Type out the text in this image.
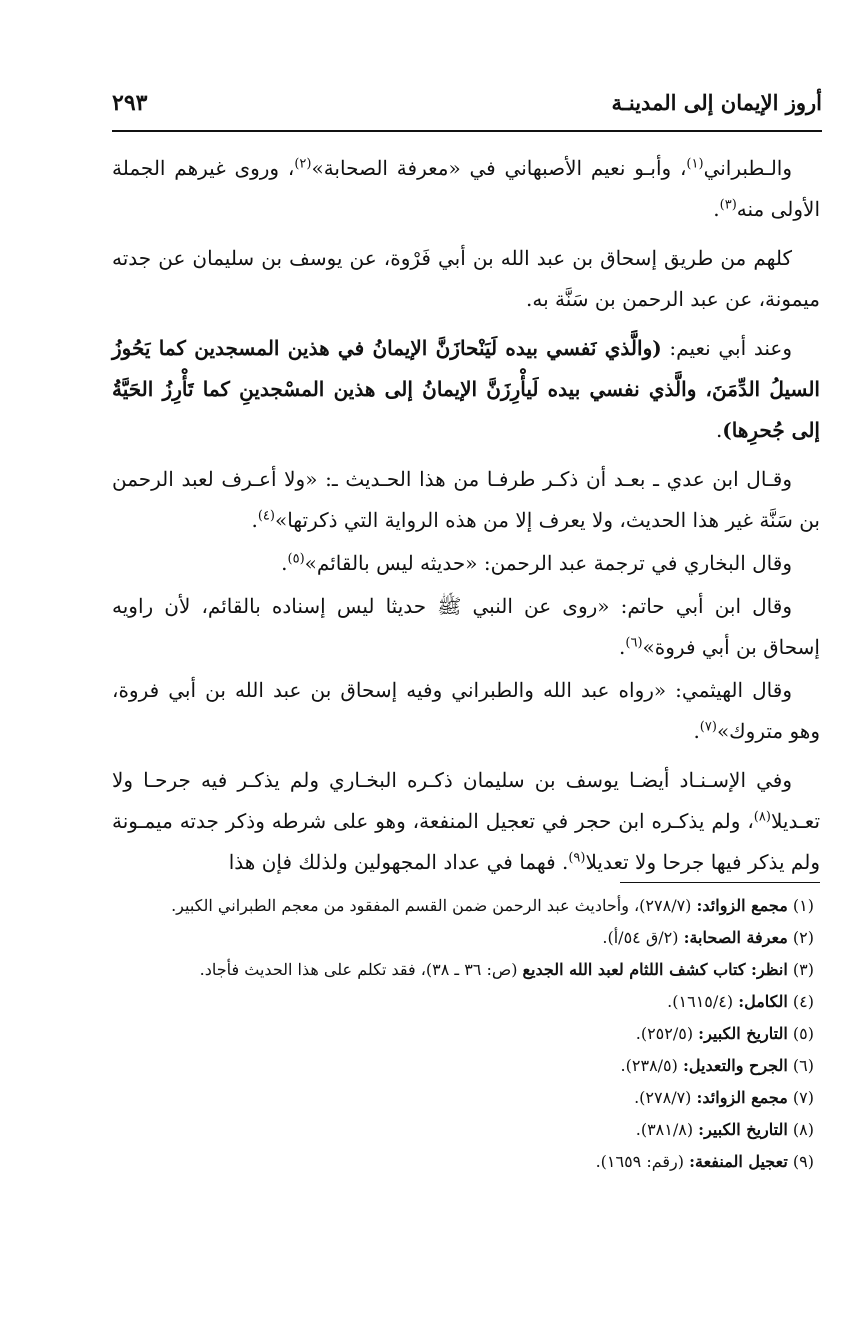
أروز الإيمان إلى المدينـة
٢٩٣

والـطبراني$^{(١)}$، وأبـو نعيم الأصبهاني في «معرفة الصحابة»$^{(٢)}$، وروى غيرهم الجملة الأولى منه$^{(٣)}$.

كلهم من طريق إسحاق بن عبد الله بن أبي فَرْوة، عن يوسف بن سليمان عن جدته ميمونة، عن عبد الرحمن بن سَنَّة به.

وعند أبي نعيم: (والَّذي نَفسي بيده لَيَنْحازَنَّ الإيمانُ في هذين المسجدين كما يَحُوزُ السيلُ الدِّمَنَ، والَّذي نفسي بيده لَيأْرِزَنَّ الإيمانُ إلى هذين المسْجدينِ كما تَأْرِزُ الحَيَّةُ إلى جُحرِها).

وقـال ابن عدي ـ بعـد أن ذكـر طرفـا من هذا الحـديث ـ: «ولا أعـرف لعبد الرحمن بن سَنَّة غير هذا الحديث، ولا يعرف إلا من هذه الرواية التي ذكرتها»$^{(٤)}$.

وقال البخاري في ترجمة عبد الرحمن: «حديثه ليس بالقائم»$^{(٥)}$.

وقال ابن أبي حاتم: «روى عن النبي ﷺ حديثا ليس إسناده بالقائم، لأن راويه إسحاق بن أبي فروة»$^{(٦)}$.

وقال الهيثمي: «رواه عبد الله والطبراني وفيه إسحاق بن عبد الله بن أبي فروة، وهو متروك»$^{(٧)}$.

وفي الإسـنـاد أيضـا يوسف بن سليمان ذكـره البخـاري ولم يذكـر فيه جرحـا ولا تعـديلا$^{(٨)}$، ولم يذكـره ابن حجر في تعجيل المنفعة، وهو على شرطه وذكر جدته ميمـونة ولم يذكر فيها جرحا ولا تعديلا$^{(٩)}$. فهما في عداد المجهولين ولذلك فإن هذا

(١) مجمع الزوائد: (٢٧٨/٧)، وأحاديث عبد الرحمن ضمن القسم المفقود من معجم الطبراني الكبير.

(٢) معرفة الصحابة: (٢/ق ٥٤/أ).

(٣) انظر: كتاب كشف اللثام لعبد الله الجديع (ص: ٣٦ ـ ٣٨)، فقد تكلم على هذا الحديث فأجاد.

(٤) الكامل: (١٦١٥/٤).

(٥) التاريخ الكبير: (٢٥٢/٥).

(٦) الجرح والتعديل: (٢٣٨/٥).

(٧) مجمع الزوائد: (٢٧٨/٧).

(٨) التاريخ الكبير: (٣٨١/٨).

(٩) تعجيل المنفعة: (رقم: ١٦٥٩).
